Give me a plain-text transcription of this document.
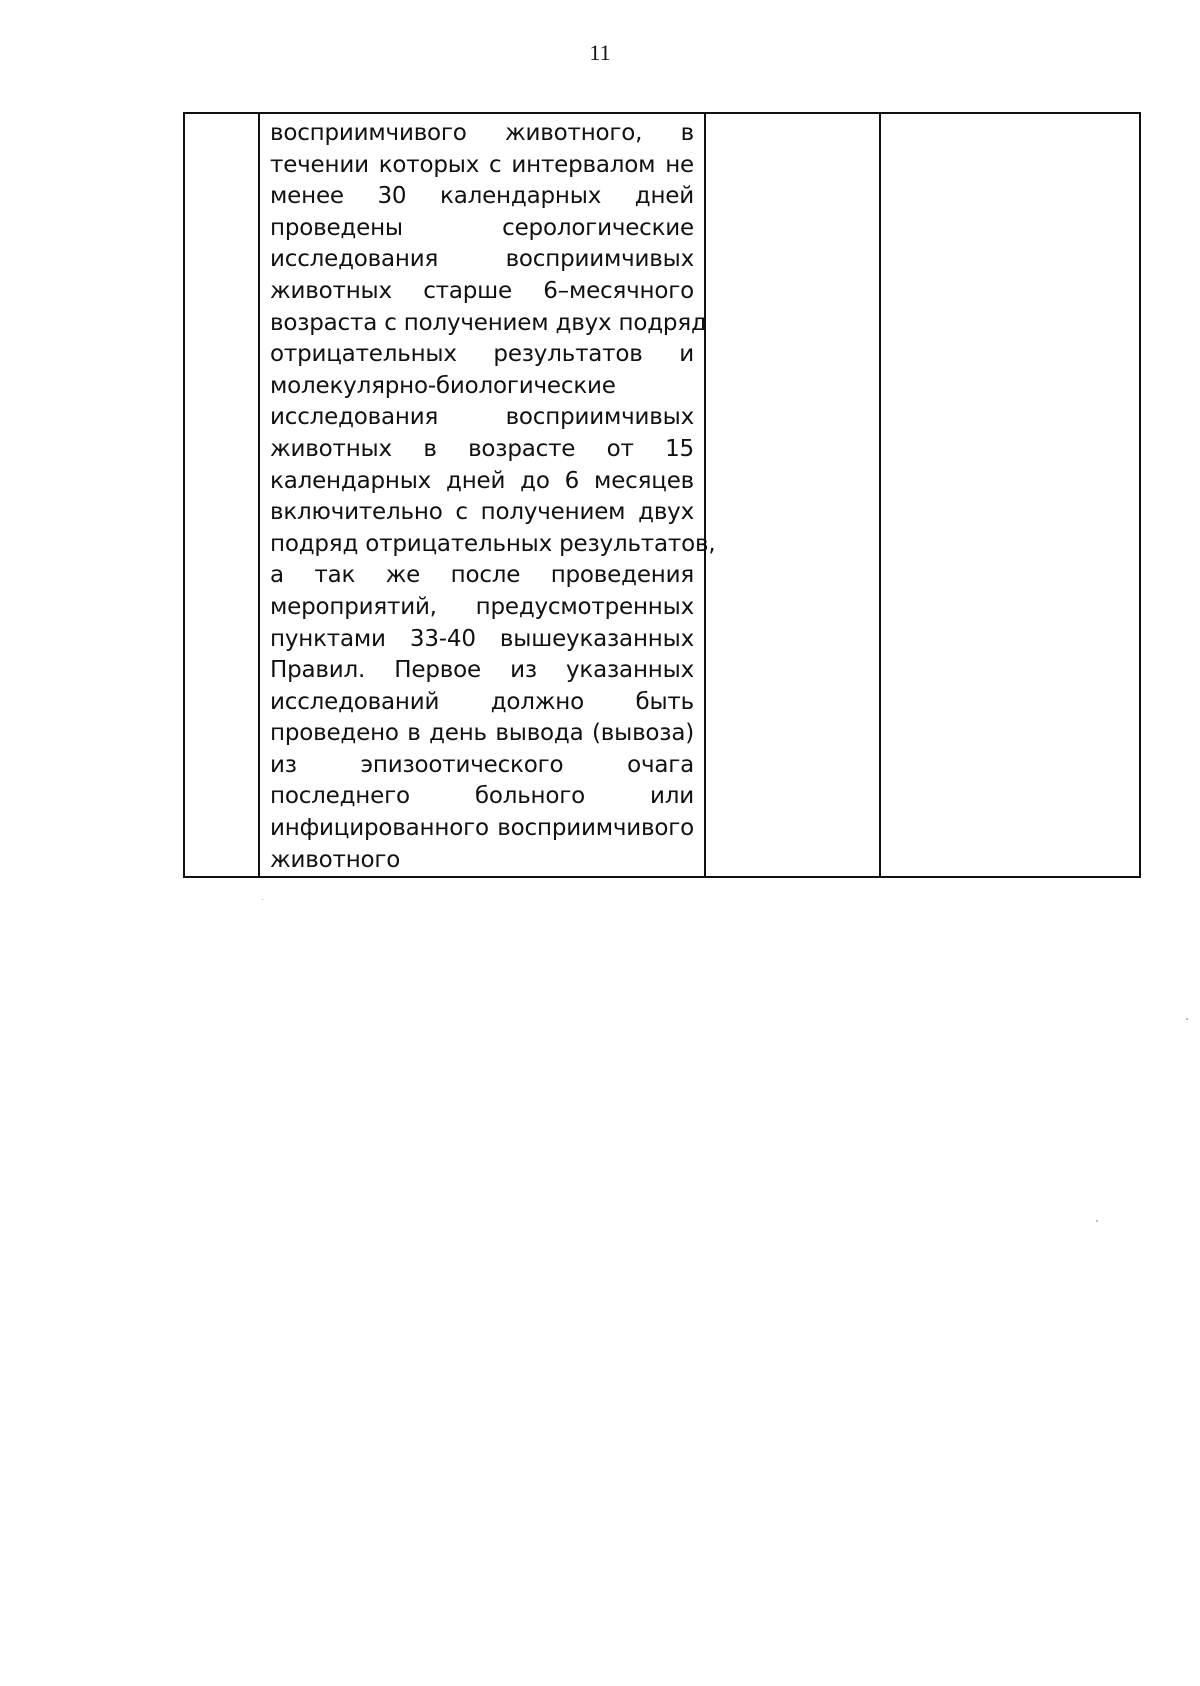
11

восприимчивого животного, в
течении которых с интервалом не
менее 30 календарных дней
проведены серологические
исследования восприимчивых
животных старше 6–месячного
возраста с получением двух подряд
отрицательных результатов и
молекулярно-биологические
исследования восприимчивых
животных в возрасте от 15
календарных дней до 6 месяцев
включительно с получением двух
подряд отрицательных результатов,
а так же после проведения
мероприятий, предусмотренных
пунктами 33-40 вышеуказанных
Правил. Первое из указанных
исследований должно быть
проведено в день вывода (вывоза)
из эпизоотического очага
последнего больного или
инфицированного восприимчивого
животного
